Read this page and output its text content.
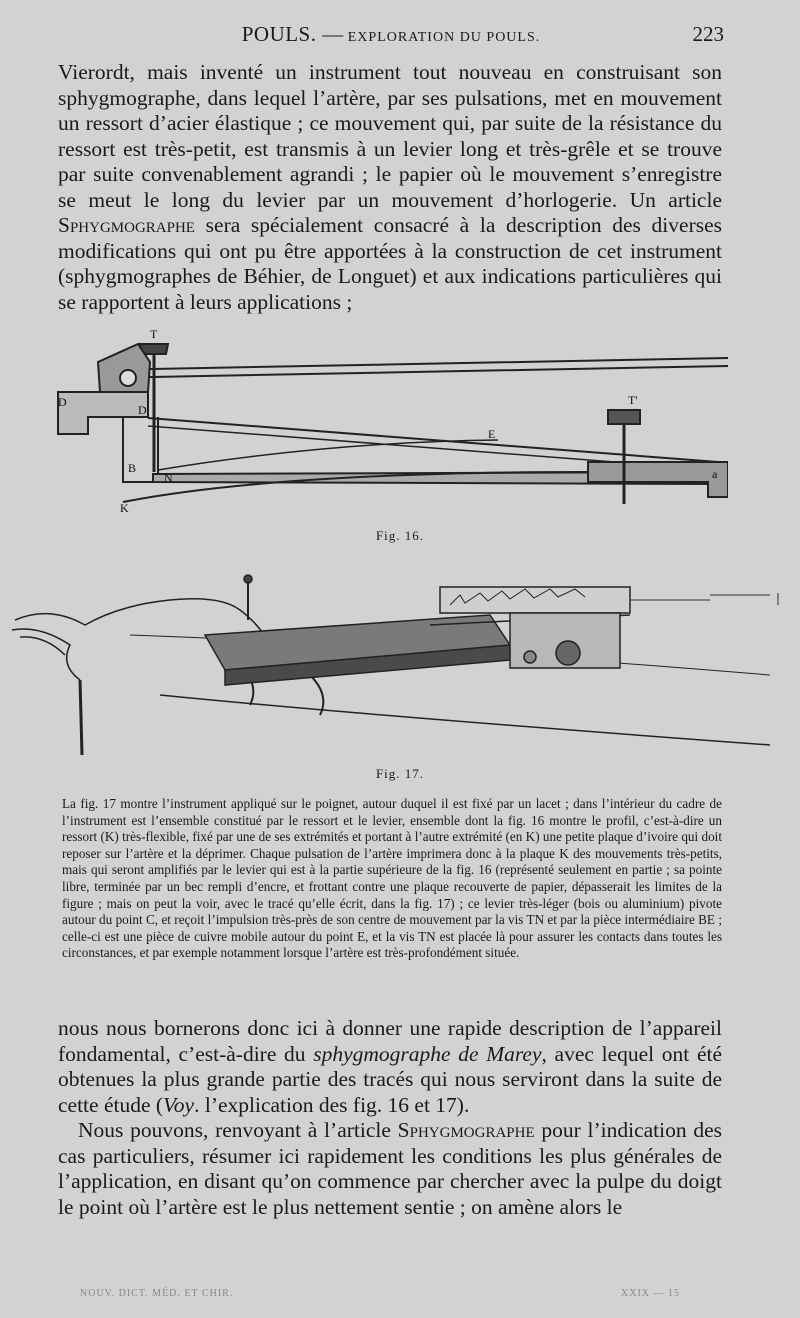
POULS. — EXPLORATION DU POULS.	223

Vierordt, mais inventé un instrument tout nouveau en construisant son sphygmographe, dans lequel l’artère, par ses pulsations, met en mouvement un ressort d’acier élastique ; ce mouvement qui, par suite de la résistance du ressort est très-petit, est transmis à un levier long et très-grêle et se trouve par suite convenablement agrandi ; le papier où le mouvement s’enregistre se meut le long du levier par un mouvement d’horlogerie. Un article Sphygmographe sera spécialement consacré à la description des diverses modifications qui ont pu être apportées à la construction de cet instrument (sphygmographes de Béhier, de Longuet) et aux indications particulières qui se rapportent à leurs applications ;

T
D
D'
T'
E
B
N
K
a
Fig. 16.
Fig. 17.
La fig. 17 montre l’instrument appliqué sur le poignet, autour duquel il est fixé par un lacet ; dans l’intérieur du cadre de l’instrument est l’ensemble constitué par le ressort et le levier, ensemble dont la fig. 16 montre le profil, c’est-à-dire un ressort (K) très-flexible, fixé par une de ses extrémités et portant à l’autre extrémité (en K) une petite plaque d’ivoire qui doit reposer sur l’artère et la déprimer. Chaque pulsation de l’artère imprimera donc à la plaque K des mouvements très-petits, mais qui seront amplifiés par le levier qui est à la partie supérieure de la fig. 16 (représenté seulement en partie ; sa pointe libre, terminée par un bec rempli d’encre, et frottant contre une plaque recouverte de papier, dépasserait les limites de la figure ; mais on peut la voir, avec le tracé qu’elle écrit, dans la fig. 17) ; ce levier très-léger (bois ou aluminium) pivote autour du point C, et reçoit l’impulsion très-près de son centre de mouvement par la vis TN et par la pièce intermédiaire BE ; celle-ci est une pièce de cuivre mobile autour du point E, et la vis TN est placée là pour assurer les contacts dans toutes les circonstances, et par exemple notamment lorsque l’artère est très-profondément située.

nous nous bornerons donc ici à donner une rapide description de l’appareil fondamental, c’est-à-dire du sphygmographe de Marey, avec lequel ont été obtenues la plus grande partie des tracés qui nous serviront dans la suite de cette étude (Voy. l’explication des fig. 16 et 17).

Nous pouvons, renvoyant à l’article Sphygmographe pour l’indication des cas particuliers, résumer ici rapidement les conditions les plus générales de l’application, en disant qu’on commence par chercher avec la pulpe du doigt le point où l’artère est le plus nettement sentie ; on amène alors le

NOUV. DICT. MÉD. ET CHIR.	XXIX — 15
